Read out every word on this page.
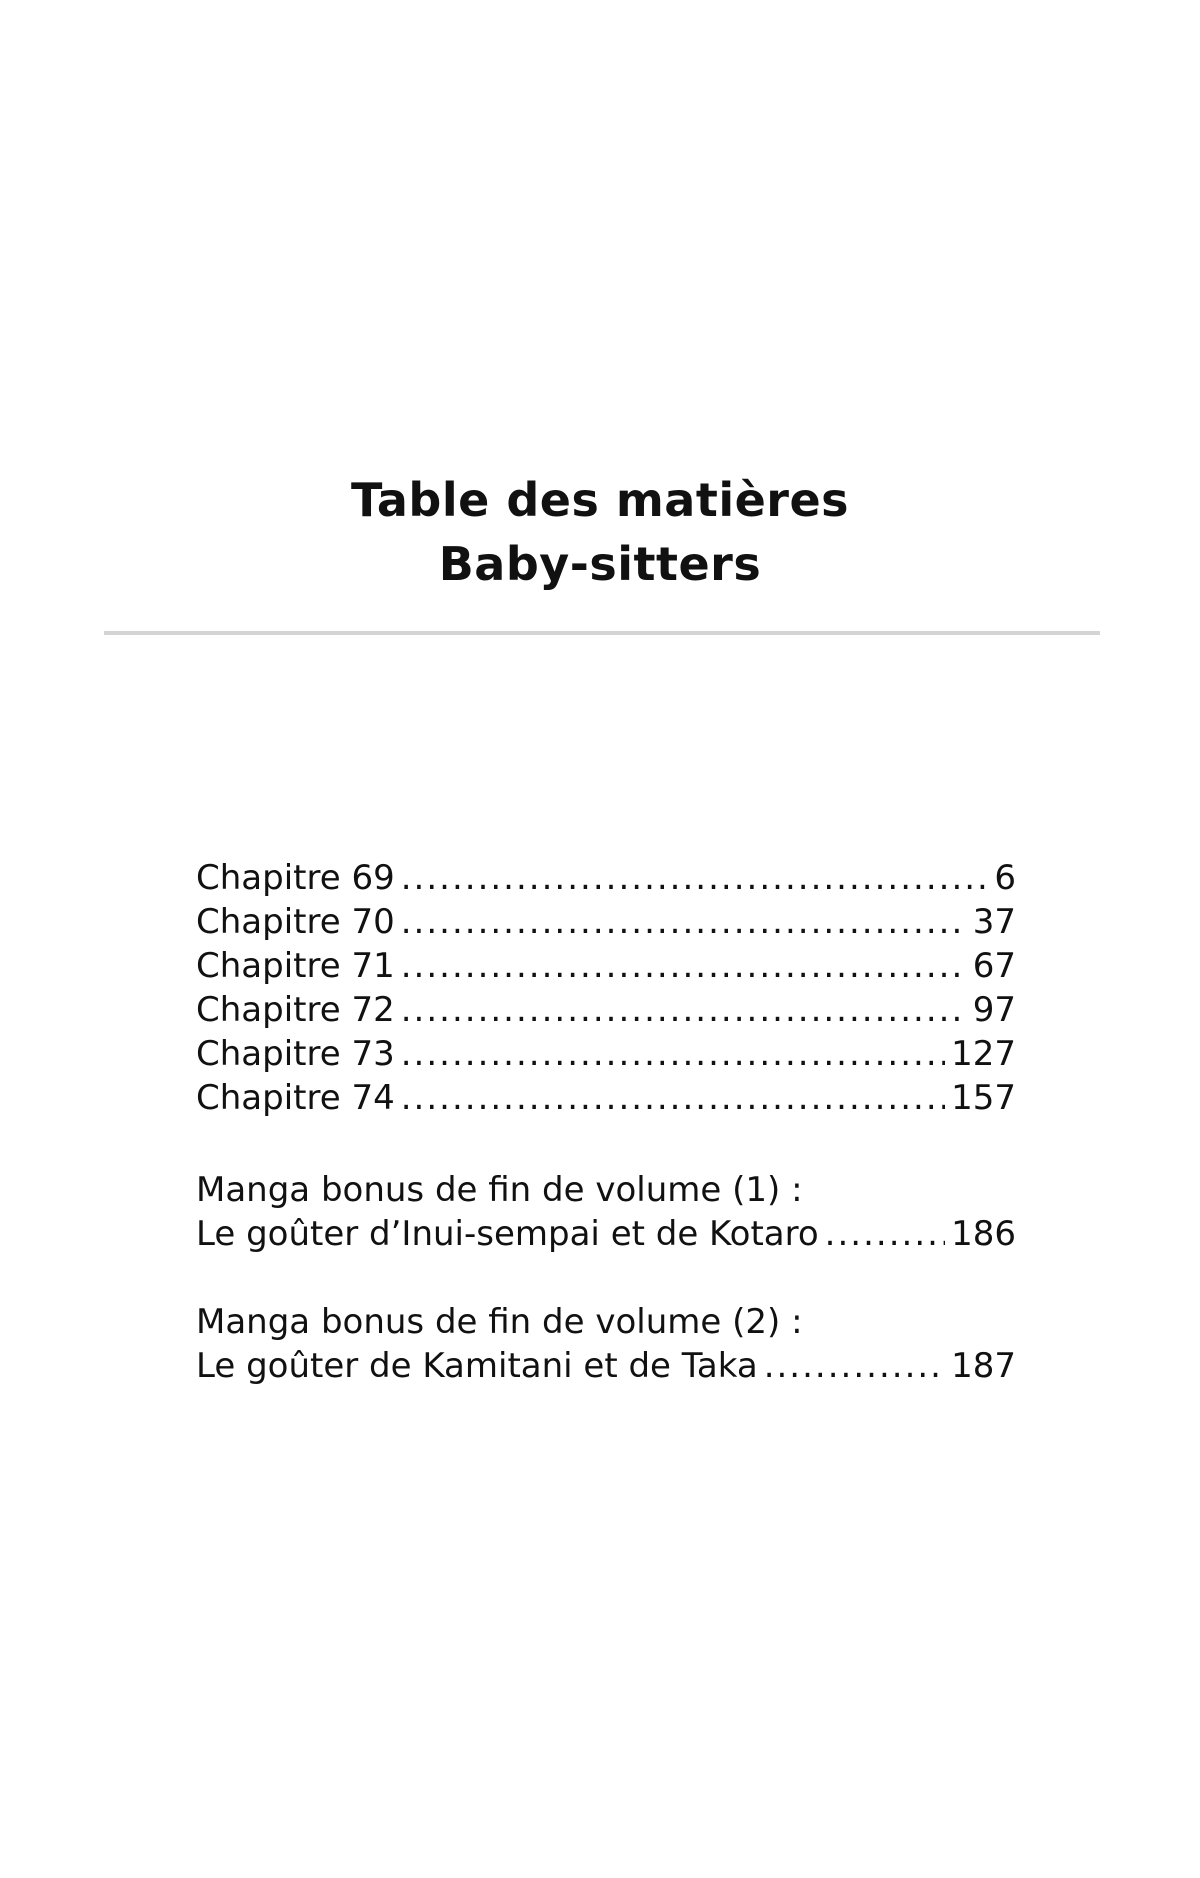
Table des matières
Baby-sitters
Chapitre 69 .....	6
Chapitre 70 .....	37
Chapitre 71 .....	67
Chapitre 72 .....	97
Chapitre 73 .....	127
Chapitre 74 .....	157
Manga bonus de fin de volume (1) :
Le goûter d’Inui-sempai et de Kotaro .....	186
Manga bonus de fin de volume (2) :
Le goûter de Kamitani et de Taka .....	187
